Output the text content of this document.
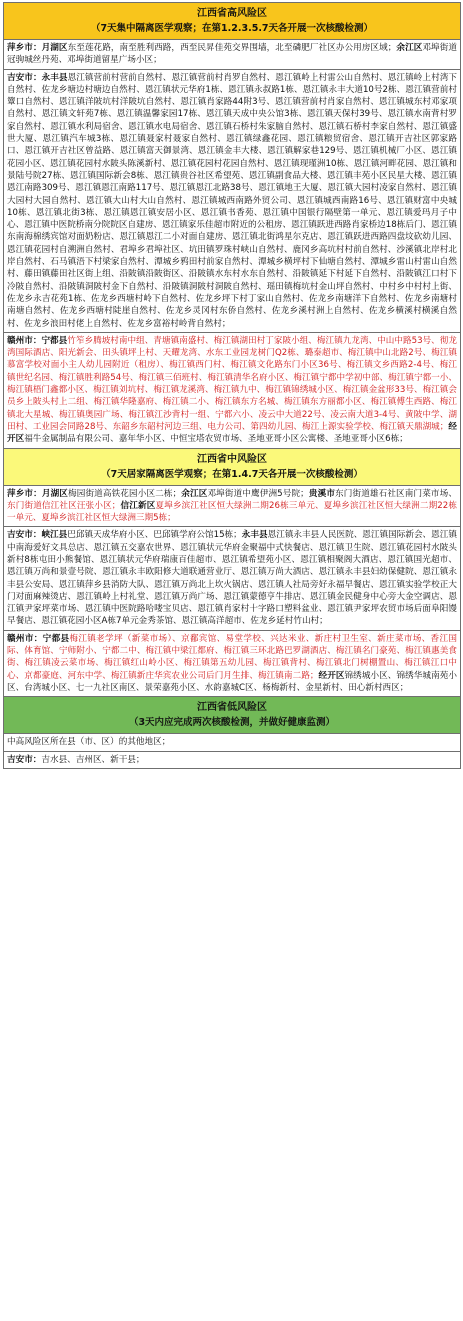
江西省高风险区
（7天集中隔离医学观察；在第1.2.3.5.7天各开展一次核酸检测）
萍乡市：月湖区东至莲花路，南至胜利西路，西至民昇佳苑交界围墙，北至磷肥厂社区办公用房区域；余江区邓埠街道冠驹城丝丹苑、邓埠街道留星广场小区；
吉安市：永丰县恩江镇营前村营前自然村、恩江镇营前村肖罗自然村、恩江镇岭上村雷公山自然村、恩江镇岭上村湾下自然村、佐龙乡塘边村塘边自然村、恩江镇状元华府1栋、恩江镇永叔路1栋、恩江镇永丰大道10号2栋、恩江镇营前村簟口自然村、恩江镇洋陂坑村洋陂坑自然村、恩江镇肖家路44附3号、恩江镇营前村肖家自然村、恩江镇城东村邓家项自然村、恩江镇文轩苑7栋、恩江镇温馨家园17栋、恩江镇天成中央公馆3栋、恩江镇天保村39号、恩江镇水南背村罗家自然村、恩江镇水利局宿舍、恩江镇水电局宿舍、恩江镇石桥村朱家脑自然村、恩江镇石桥村李家自然村、恩江镇盛世大厦、恩江镇汽车城3栋、恩江镇聂家村聂家自然村、恩江镇绿鑫花园、恩江镇粮贸宿舍、恩江镇开吉社区郭家路口、恩江镇开吉社区曾益路、恩江镇富天御景湾、恩江镇金丰大楼、恩江镇解家巷129号、恩江镇机械厂小区、恩江镇花园小区、恩江镇花园村水陂头陈溪新村、恩江镇花园村花园自然村、恩江镇现瑾洲10栋、恩江镇河畔花园、恩江镇和景陆号院27栋、恩江镇国际新会8栋、恩江镇贵谷社区希望苑、恩江镇副食品大楼、恩江镇丰苑小区民星大楼、恩江镇恩江南路309号、恩江镇恩江南路117号、恩江镇恩江北路38号、恩江镇地王大厦、恩江镇大园村凌家自然村、恩江镇大园村大园自然村、恩江镇大山村大山自然村、恩江镇城西南路外贸公司、恩江镇城西南路16号、恩江镇财富中央城10栋、恩江镇北街3栋、恩江镇恩江镇安居小区、恩江镇书香苑、恩江镇中国银行隔壁第一单元、恩江镇爱玛月子中心、恩江镇中医院桥南分院院区自建房、恩江镇家乐佳超市附近的公租房、恩江镇跃进西路肖家桥边18栋后门、恩江镇东南海棉绣宾馆对面奶粉店、恩江镇恩江二小对面自建房、恩江镇北街鸿星尔克店、恩江镇跃进西路四盘坟砍幼儿园、恩江镇花园村自溯洲自然村、君埠乡君埠社区、坑田镇罗珠村峡山自然村、鹿冈乡高坑村村前自然村、沙溪镇北岸村北岸自然村、石马镇浯下村梁家自然村、潭城乡鸦田村前家自然村、潭城乡横坪村下仙塘自然村、潭城乡雷山村雷山自然村、藤田镇藤田社区街上组、沿陂镇沿陂街区、沿陂镇水东村水东自然村、沿陂镇延下村延下自然村、沿陂镇江口村下冷陂自然村、沿陂镇洞陂村金下自然村、沿陂镇洞陂村洞陂自然村、瑶田镇梅坑村金山坪自然村、中村乡中村村上街、佐龙乡永吉花苑1栋、佐龙乡西塘村岭下自然村、佐龙乡坪下村丁家山自然村、佐龙乡南塘洋下自然村、佐龙乡南塘村南塘自然村、佐龙乡西塘村陡崖自然村、佐龙乡灵冈村东侨自然村、佐龙乡溪村洲上自然村、佐龙乡横溪村横溪自然村、佐龙乡浪田村佬上自然村、佐龙乡富裕村岭背自然村；
赣州市：宁都县竹笮乡腾坡村南中组、青塘镇南盛村、梅江镇湖田村丁家陂小组、梅江镇九龙湾、中山中路53号、彻龙湾国际酒店、阳光新会、田头镇坪上村、天耀龙湾、水东工业园龙树门Q2栋、璐泰超市、梅江镇中山北路2号、梅江镇慕富学校对面小主人幼儿园附近（租房）、梅江镇西门村、梅江镇文化路东门小区36号、梅江镇文乡西路2-4号、梅江镇世纪名园、梅江镇胜利路54号、梅江镇三佰班村、梅江镇清华名府小区、梅江镇宁都中学初中部、梅江镇宁都一小、梅江镇梧门鑫都小区、梅江镇刘坑村、梅江镇龙溪湾、梅江镇九中、梅江镇锦绣城小区、梅江镇金盆形33号、梅江镇会员乡上陂头村上二组、梅江镇华隆嘉府、梅江镇二小、梅江镇东方名城、梅江镇东方丽都小区、梅江镇傅生西路、梅江镇北大星城、梅江镇奥园广场、梅江镇江沙背村一组、宁都六小、凌云中大道22号、凌云南大道3-4号、黄陂中学、湖田村、工业园会同路28号、东韶乡东韶村河边三组、电力公司、第四幼儿园、梅江上源实验学校、梅江镇天鼎湖城；经开区福牛金属制品有限公司、嘉年华小区、中恒宝塔农贸市场、圣地亚哥小区公寓楼、圣地亚哥小区6栋；
江西省中风险区
（7天居家隔离医学观察；在第1.4.7天各开展一次核酸检测）
萍乡市：月湖区梅园街道高铁花园小区二栋；余江区邓埠街道中鹰伊洲5号院；贵溪市东门街道雄石社区南门菜市场、东门街道信江社区汪张小区；信江新区夏埠乡滨江社区恒大绿洲二期26栋三单元、夏埠乡滨江社区恒大绿洲二期22栋一单元、夏埠乡滨江社区恒大绿洲三期5栋；
吉安市：峡江县巴邱镇天成华府小区、巴邱镇学府公馆15栋；永丰县恩江镇永丰县人民医院、恩江镇国际新会、恩江镇中南海爱好文具总店、恩江镇五交嘉农世界、恩江镇状元华府金聚福中式快餐店、恩江镇卫生院、恩江镇花园村水陂头新村8栋屯田小熊餐馆、恩江镇状元华府瑞康百佳超市、恩江镇希望苑小区、恩江镇相聚阁大酒店、恩江镇国光超市、恩江镇万尚和景壹号院、恩江镇永丰欧阳修大道联通营业厅、恩江镇万尚大酒店、恩江镇永丰县妇幼保健院、恩江镇永丰县公安局、恩江镇萍乡县消防大队、恩江镇万尚北上坎火锅店、恩江镇人社局旁好永福早餐店、恩江镇实验学校正大门对面麻辣烫店、恩江镇岭上村礼堂、恩江镇万尚广场、恩江镇蒙德亨牛排店、恩江镇金民健身中心旁大金空调店、恩江镇尹家坪菜市场、恩江镇中医院路哈喽宝贝店、恩江镇肖家村十字路口塑料盆业、恩江镇尹家坪农贸市场后面阜阳馒早餐店、恩江镇花园小区A栋7单元金秀茶馆、恩江镇高洋超市、佐龙乡延村竹山村；
赣州市：宁都县梅江镇老学坪（新菜市场）、京鄱宾馆、易堂学校、兴达米业、新庄村卫生室、新庄菜市场、香江国际、体育馆、宁师附小、宁都二中、梅江镇中梁江都府、梅江镇三环北路巴罗湖酒店、梅江镇名门豪苑、梅江镇惠美食街、梅江镇凌云菜市场、梅江镇红山岭小区、梅江镇第五幼儿园、梅江镇背村、梅江镇北门树棚置山、梅江镇江口中心、京都豪庭、河东中学、梅江镇新庄华宾农业公司后门月生排、梅江镇南二路；经开区锦绣城小区、锦绣华城南苑小区、台湾城小区、七一九社区南区、景荣嘉苑小区、水韵嘉城C区、杨梅新村、金星新村、田心新村西区；
江西省低风险区
（3天内应完成两次核酸检测，并做好健康监测）
中高风险区所在县（市、区）的其他地区；
吉安市：吉水县、吉州区、新干县；
